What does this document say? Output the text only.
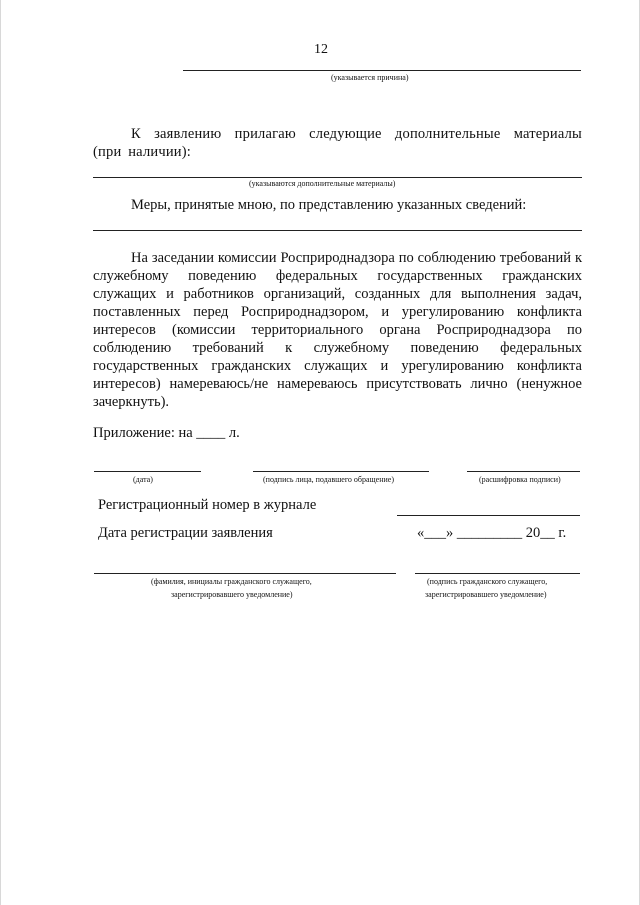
12
(указывается причина)

К заявлению прилагаю следующие дополнительные материалы (при наличии):

(указываются дополнительные материалы)
Меры, принятые мною, по представлению указанных сведений:

На заседании комиссии Росприроднадзора по соблюдению требований к служебному поведению федеральных государственных гражданских служащих и работников организаций, созданных для выполнения задач, поставленных перед Росприроднадзором, и урегулированию конфликта интересов (комиссии территориального органа Росприроднадзора по соблюдению требований к служебному поведению федеральных государственных гражданских служащих и урегулированию конфликта интересов) намереваюсь/не намереваюсь присутствовать лично (ненужное зачеркнуть).

Приложение: на ____ л.
(дата)	(подпись лица, подавшего обращение)	(расшифровка подписи)
Регистрационный номер в журнале
Дата регистрации заявления	«___» _________ 20__ г.
(фамилия, инициалы гражданского служащего,
зарегистрировавшего уведомление)
(подпись гражданского служащего,
зарегистрировавшего уведомление)
